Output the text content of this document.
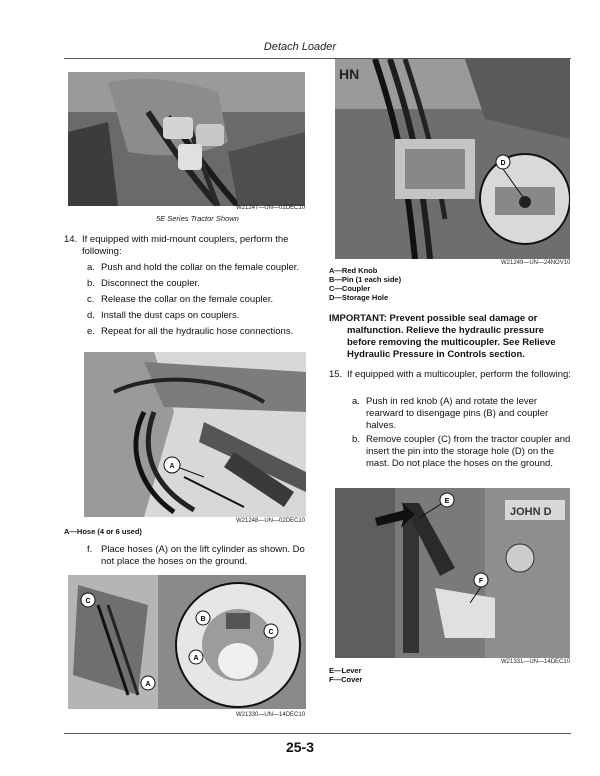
Detach Loader
W21247—UN—02DEC10
5E Series Tractor Shown
14. If equipped with mid-mount couplers, perform the following:
a. Push and hold the collar on the female coupler.
b. Disconnect the coupler.
c. Release the collar on the female coupler.
d. Install the dust caps on couplers.
e. Repeat for all the hydraulic hose connections.
A
W21248—UN—02DEC10
A—Hose (4 or 6 used)
f. Place hoses (A) on the lift cylinder as shown. Do not place the hoses on the ground.
C
A
B
C
A
W21330—UN—14DEC10
HN
D
W21249—UN—24NOV10
A—Red Knob
B—Pin (1 each side)
C—Coupler
D—Storage Hole
IMPORTANT: Prevent possible seal damage or malfunction. Relieve the hydraulic pressure before removing the multicoupler. See Relieve Hydraulic Pressure in Controls section.
15. If equipped with a multicoupler, perform the following:
a. Push in red knob (A) and rotate the lever rearward to disengage pins (B) and coupler halves.
b. Remove coupler (C) from the tractor coupler and insert the pin into the storage hole (D) on the mast. Do not place the hoses on the ground.
JOHN D
E
F
W21331—UN—14DEC10
E—Lever
F—Cover
25-3
